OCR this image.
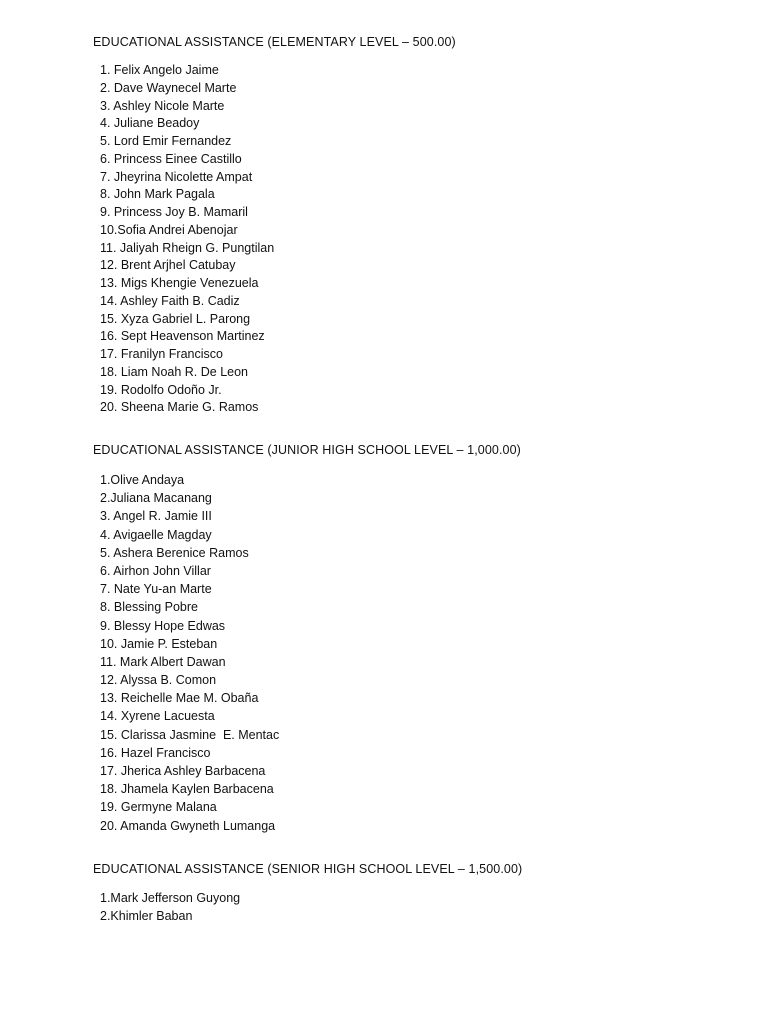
EDUCATIONAL ASSISTANCE (ELEMENTARY LEVEL – 500.00)
1. Felix Angelo Jaime
2. Dave Waynecel Marte
3. Ashley Nicole Marte
4. Juliane Beadoy
5. Lord Emir Fernandez
6. Princess Einee Castillo
7. Jheyrina Nicolette Ampat
8. John Mark Pagala
9. Princess Joy B. Mamaril
10.Sofia Andrei Abenojar
11. Jaliyah Rheign G. Pungtilan
12. Brent Arjhel Catubay
13. Migs Khengie Venezuela
14. Ashley Faith B. Cadiz
15. Xyza Gabriel L. Parong
16. Sept Heavenson Martinez
17. Franilyn Francisco
18. Liam Noah R. De Leon
19. Rodolfo Odoño Jr.
20. Sheena Marie G. Ramos
EDUCATIONAL ASSISTANCE (JUNIOR HIGH SCHOOL LEVEL – 1,000.00)
1.Olive Andaya
2.Juliana Macanang
3. Angel R. Jamie III
4. Avigaelle Magday
5. Ashera Berenice Ramos
6. Airhon John Villar
7. Nate Yu-an Marte
8. Blessing Pobre
9. Blessy Hope Edwas
10. Jamie P. Esteban
11. Mark Albert Dawan
12. Alyssa B. Comon
13. Reichelle Mae M. Obaña
14. Xyrene Lacuesta
15. Clarissa Jasmine  E. Mentac
16. Hazel Francisco
17. Jherica Ashley Barbacena
18. Jhamela Kaylen Barbacena
19. Germyne Malana
20. Amanda Gwyneth Lumanga
EDUCATIONAL ASSISTANCE (SENIOR HIGH SCHOOL LEVEL – 1,500.00)
1.Mark Jefferson Guyong
2.Khimler Baban
